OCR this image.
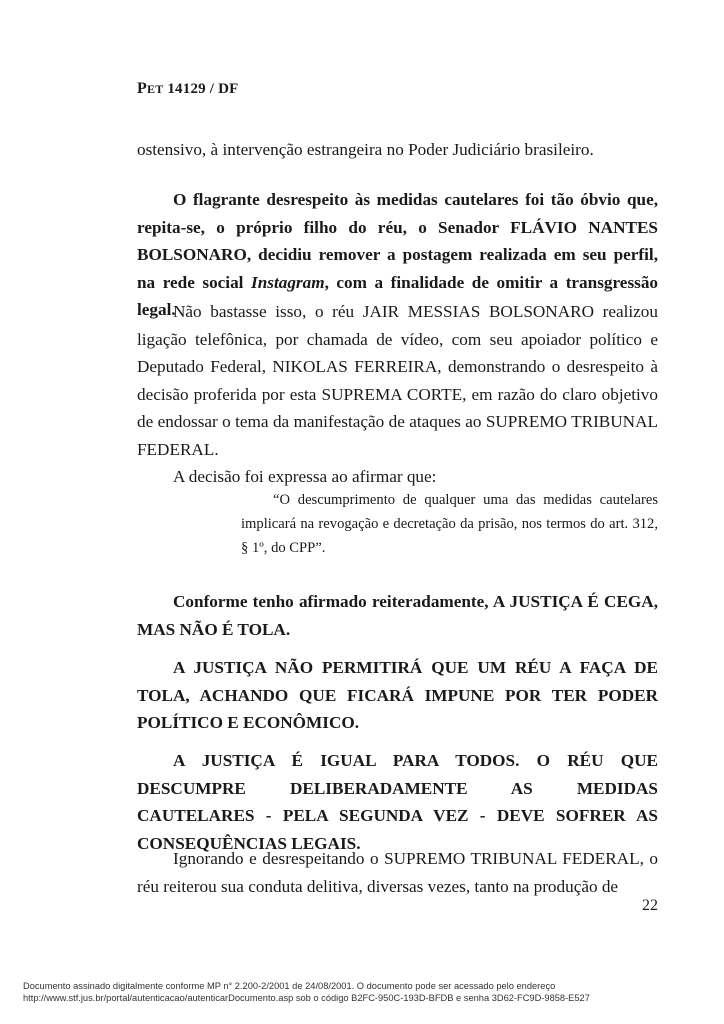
PET 14129 / DF

ostensivo, à intervenção estrangeira no Poder Judiciário brasileiro.

O flagrante desrespeito às medidas cautelares foi tão óbvio que, repita-se, o próprio filho do réu, o Senador FLÁVIO NANTES BOLSONARO, decidiu remover a postagem realizada em seu perfil, na rede social Instagram, com a finalidade de omitir a transgressão legal.

Não bastasse isso, o réu JAIR MESSIAS BOLSONARO realizou ligação telefônica, por chamada de vídeo, com seu apoiador político e Deputado Federal, NIKOLAS FERREIRA, demonstrando o desrespeito à decisão proferida por esta SUPREMA CORTE, em razão do claro objetivo de endossar o tema da manifestação de ataques ao SUPREMO TRIBUNAL FEDERAL.

A decisão foi expressa ao afirmar que:

“O descumprimento de qualquer uma das medidas cautelares implicará na revogação e decretação da prisão, nos termos do art. 312, § 1º, do CPP”.

Conforme tenho afirmado reiteradamente, A JUSTIÇA É CEGA, MAS NÃO É TOLA.

A JUSTIÇA NÃO PERMITIRÁ QUE UM RÉU A FAÇA DE TOLA, ACHANDO QUE FICARÁ IMPUNE POR TER PODER POLÍTICO E ECONÔMICO.

A JUSTIÇA É IGUAL PARA TODOS. O RÉU QUE DESCUMPRE DELIBERADAMENTE AS MEDIDAS CAUTELARES - PELA SEGUNDA VEZ - DEVE SOFRER AS CONSEQUÊNCIAS LEGAIS.

Ignorando e desrespeitando o SUPREMO TRIBUNAL FEDERAL, o réu reiterou sua conduta delitiva, diversas vezes, tanto na produção de

22
Documento assinado digitalmente conforme MP n° 2.200-2/2001 de 24/08/2001. O documento pode ser acessado pelo endereço
http://www.stf.jus.br/portal/autenticacao/autenticarDocumento.asp sob o código B2FC-950C-193D-BFDB e senha 3D62-FC9D-9858-E527
